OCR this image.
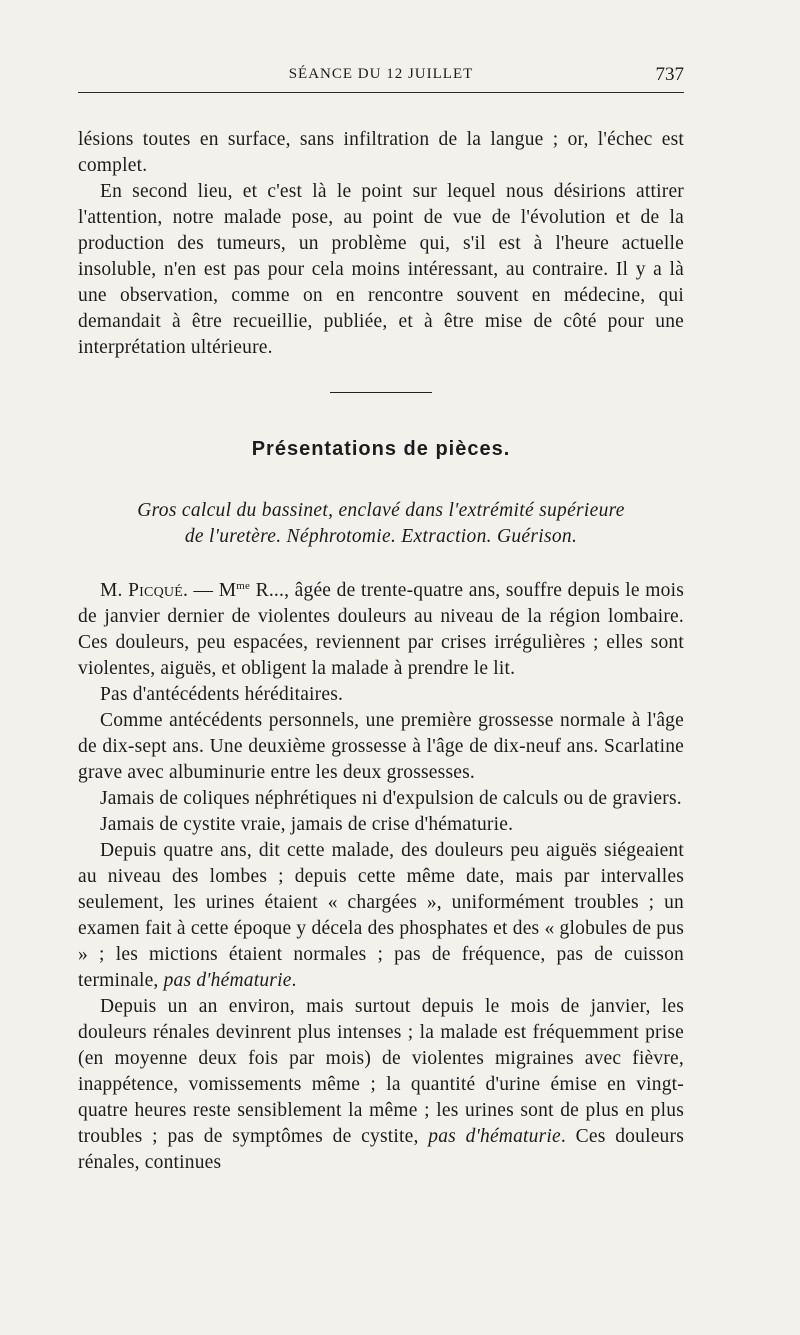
SÉANCE DU 12 JUILLET	737

lésions toutes en surface, sans infiltration de la langue ; or, l'échec est complet.

En second lieu, et c'est là le point sur lequel nous désirions attirer l'attention, notre malade pose, au point de vue de l'évolution et de la production des tumeurs, un problème qui, s'il est à l'heure actuelle insoluble, n'en est pas pour cela moins intéressant, au contraire. Il y a là une observation, comme on en rencontre souvent en médecine, qui demandait à être recueillie, publiée, et à être mise de côté pour une interprétation ultérieure.

Présentations de pièces.
Gros calcul du bassinet, enclavé dans l'extrémité supérieure
de l'uretère. Néphrotomie. Extraction. Guérison.

M. Picqué. — $M^{me}$ R..., âgée de trente-quatre ans, souffre depuis le mois de janvier dernier de violentes douleurs au niveau de la région lombaire. Ces douleurs, peu espacées, reviennent par crises irrégulières ; elles sont violentes, aiguës, et obligent la malade à prendre le lit.

Pas d'antécédents héréditaires.

Comme antécédents personnels, une première grossesse normale à l'âge de dix-sept ans. Une deuxième grossesse à l'âge de dix-neuf ans. Scarlatine grave avec albuminurie entre les deux grossesses.

Jamais de coliques néphrétiques ni d'expulsion de calculs ou de graviers.

Jamais de cystite vraie, jamais de crise d'hématurie.

Depuis quatre ans, dit cette malade, des douleurs peu aiguës siégeaient au niveau des lombes ; depuis cette même date, mais par intervalles seulement, les urines étaient « chargées », uniformément troubles ; un examen fait à cette époque y décela des phosphates et des « globules de pus » ; les mictions étaient normales ; pas de fréquence, pas de cuisson terminale, pas d'hématurie.

Depuis un an environ, mais surtout depuis le mois de janvier, les douleurs rénales devinrent plus intenses ; la malade est fréquemment prise (en moyenne deux fois par mois) de violentes migraines avec fièvre, inappétence, vomissements même ; la quantité d'urine émise en vingt-quatre heures reste sensiblement la même ; les urines sont de plus en plus troubles ; pas de symptômes de cystite, pas d'hématurie. Ces douleurs rénales, continues
